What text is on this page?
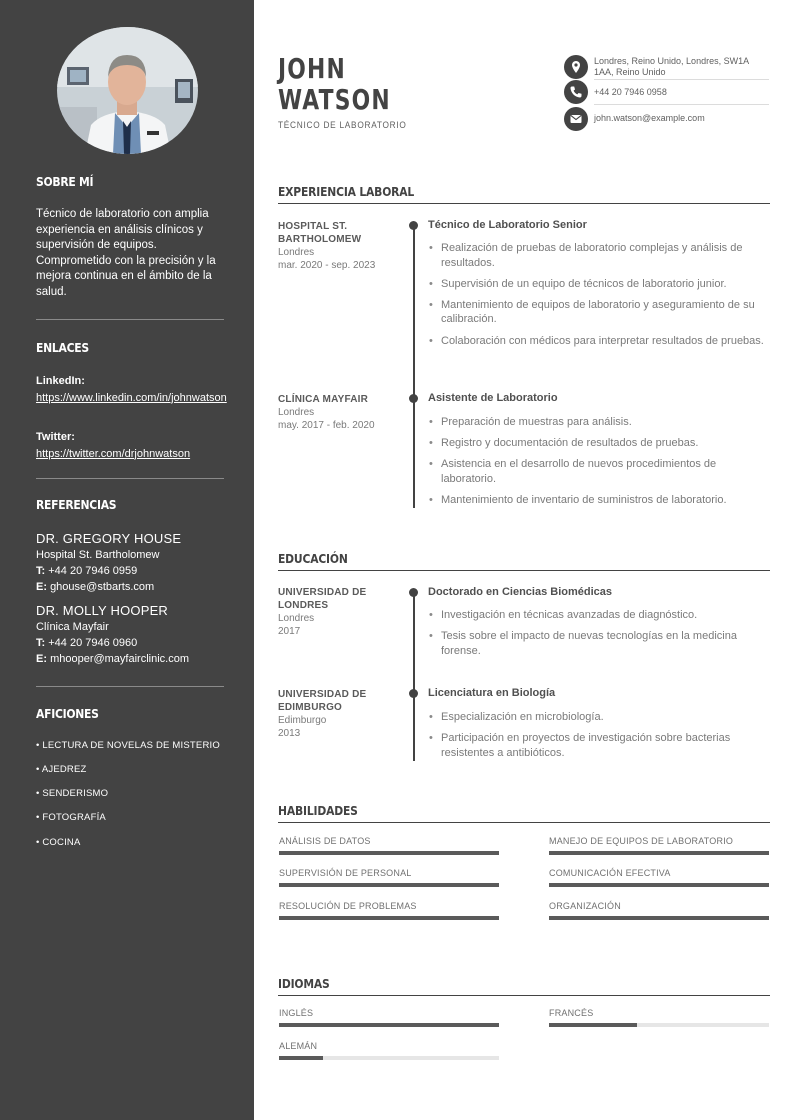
SOBRE MÍ
Técnico de laboratorio con amplia experiencia en análisis clínicos y supervisión de equipos. Comprometido con la precisión y la mejora continua en el ámbito de la salud.
ENLACES
LinkedIn:
https://www.linkedin.com/in/johnwatson
Twitter:
https://twitter.com/drjohnwatson
REFERENCIAS
DR. GREGORY HOUSE
Hospital St. Bartholomew
T: +44 20 7946 0959
E: ghouse@stbarts.com
DR. MOLLY HOOPER
Clínica Mayfair
T: +44 20 7946 0960
E: mhooper@mayfairclinic.com
AFICIONES
• LECTURA DE NOVELAS DE MISTERIO
• AJEDREZ
• SENDERISMO
• FOTOGRAFÍA
• COCINA
JOHN
WATSON
TÉCNICO DE LABORATORIO
Londres, Reino Unido, Londres, SW1A 1AA, Reino Unido
+44 20 7946 0958
john.watson@example.com
EXPERIENCIA LABORAL
HOSPITAL ST. BARTHOLOMEW
Londres
mar. 2020 - sep. 2023
Técnico de Laboratorio Senior
• Realización de pruebas de laboratorio complejas y análisis de resultados.
• Supervisión de un equipo de técnicos de laboratorio junior.
• Mantenimiento de equipos de laboratorio y aseguramiento de su calibración.
• Colaboración con médicos para interpretar resultados de pruebas.
CLÍNICA MAYFAIR
Londres
may. 2017 - feb. 2020
Asistente de Laboratorio
• Preparación de muestras para análisis.
• Registro y documentación de resultados de pruebas.
• Asistencia en el desarrollo de nuevos procedimientos de laboratorio.
• Mantenimiento de inventario de suministros de laboratorio.
EDUCACIÓN
UNIVERSIDAD DE LONDRES
Londres
2017
Doctorado en Ciencias Biomédicas
• Investigación en técnicas avanzadas de diagnóstico.
• Tesis sobre el impacto de nuevas tecnologías en la medicina forense.
UNIVERSIDAD DE EDIMBURGO
Edimburgo
2013
Licenciatura en Biología
• Especialización en microbiología.
• Participación en proyectos de investigación sobre bacterias resistentes a antibióticos.
HABILIDADES
ANÁLISIS DE DATOS	MANEJO DE EQUIPOS DE LABORATORIO
SUPERVISIÓN DE PERSONAL	COMUNICACIÓN EFECTIVA
RESOLUCIÓN DE PROBLEMAS	ORGANIZACIÓN
IDIOMAS
INGLÉS	FRANCÉS
ALEMÁN
